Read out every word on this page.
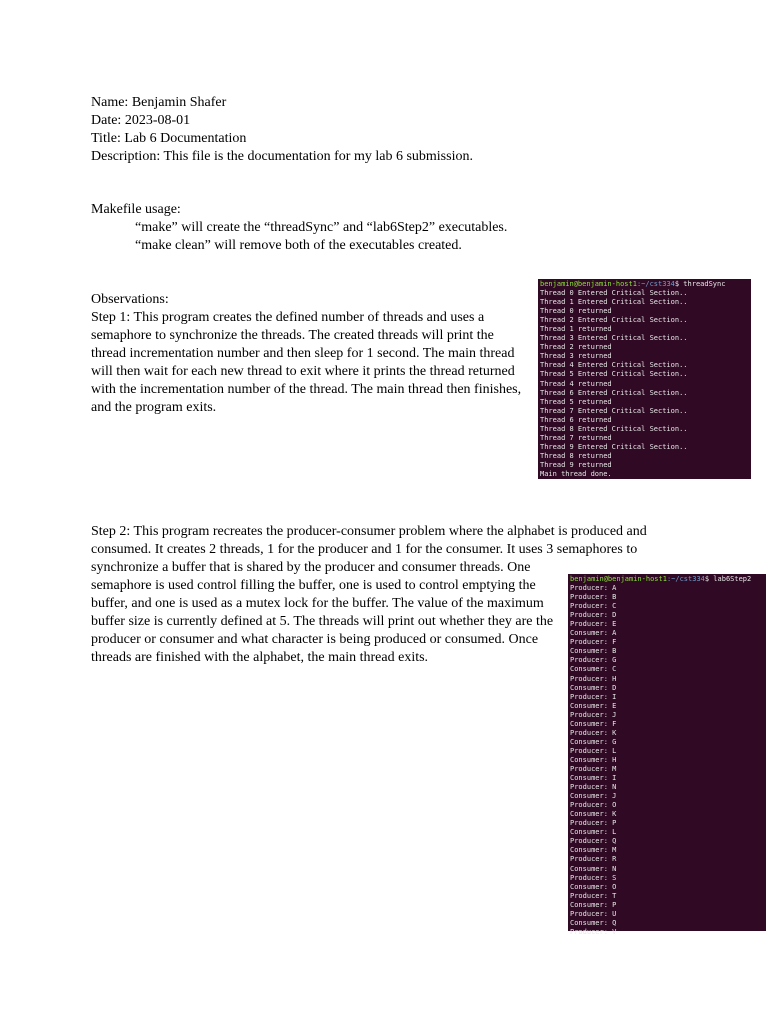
Name: Benjamin Shafer

Date: 2023-08-01

Title: Lab 6 Documentation

Description: This file is the documentation for my lab 6 submission.

Makefile usage:

“make” will create the “threadSync” and “lab6Step2” executables.

“make clean” will remove both of the executables created.

Observations:

Step 1: This program creates the defined number of threads and uses a semaphore to synchronize the threads. The created threads will print the thread incrementation number and then sleep for 1 second. The main thread will then wait for each new thread to exit where it prints the thread returned with the incrementation number of the thread. The main thread then finishes, and the program exits.

benjamin@benjamin-host1:~/cst334$ threadSync
Thread 0 Entered Critical Section..
Thread 1 Entered Critical Section..
Thread 0 returned
Thread 2 Entered Critical Section..
Thread 1 returned
Thread 3 Entered Critical Section..
Thread 2 returned
Thread 3 returned
Thread 4 Entered Critical Section..
Thread 5 Entered Critical Section..
Thread 4 returned
Thread 6 Entered Critical Section..
Thread 5 returned
Thread 7 Entered Critical Section..
Thread 6 returned
Thread 8 Entered Critical Section..
Thread 7 returned
Thread 9 Entered Critical Section..
Thread 8 returned
Thread 9 returned
Main thread done.

Step 2: This program recreates the producer-consumer problem where the alphabet is produced and consumed. It creates 2 threads, 1 for the producer and 1 for the consumer. It uses 3 semaphores to synchronize a buffer that is shared by the producer and consumer threads. One

semaphore is used control filling the buffer, one is used to control emptying the buffer, and one is used as a mutex lock for the buffer. The value of the maximum buffer size is currently defined at 5. The threads will print out whether they are the producer or consumer and what character is being produced or consumed. Once threads are finished with the alphabet, the main thread exits.

benjamin@benjamin-host1:~/cst334$ lab6Step2
Producer: A
Producer: B
Producer: C
Producer: D
Producer: E
Consumer: A
Producer: F
Consumer: B
Producer: G
Consumer: C
Producer: H
Consumer: D
Producer: I
Consumer: E
Producer: J
Consumer: F
Producer: K
Consumer: G
Producer: L
Consumer: H
Producer: M
Consumer: I
Producer: N
Consumer: J
Producer: O
Consumer: K
Producer: P
Consumer: L
Producer: Q
Consumer: M
Producer: R
Consumer: N
Producer: S
Consumer: O
Producer: T
Consumer: P
Producer: U
Consumer: Q
Producer: V
